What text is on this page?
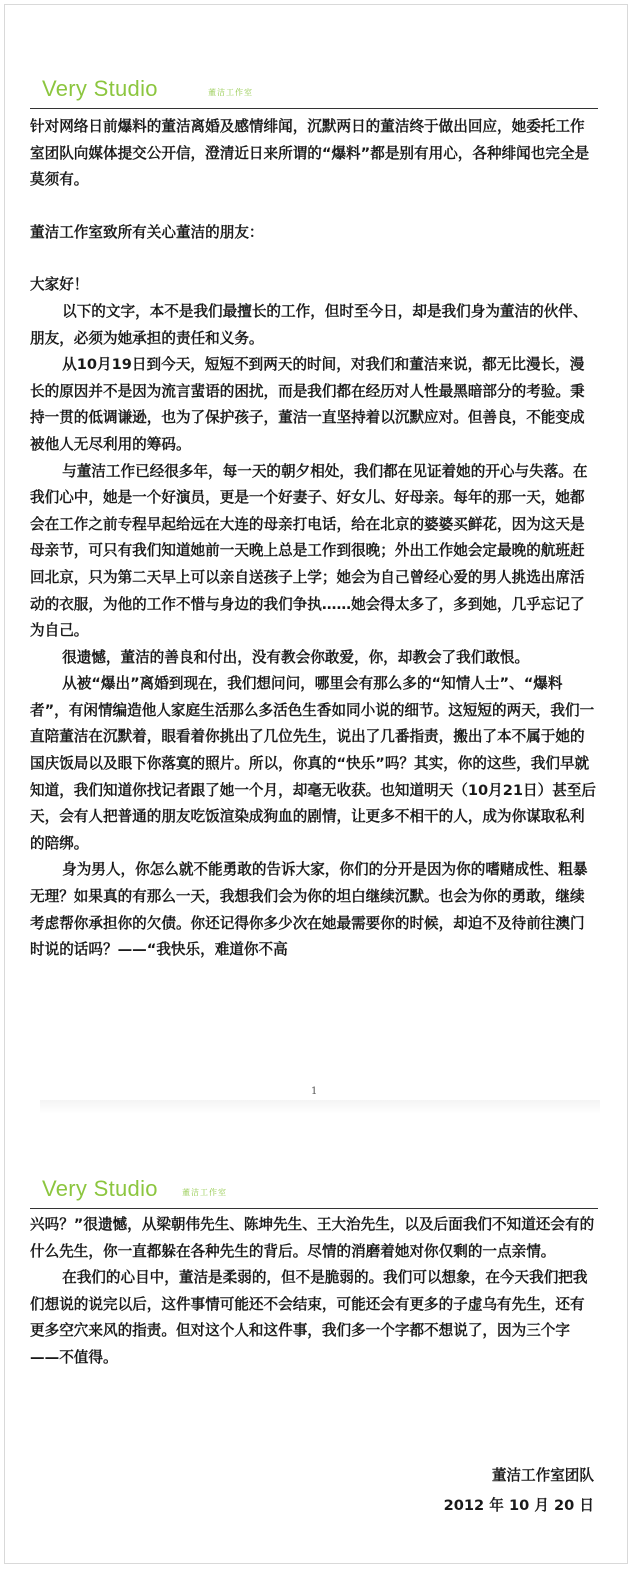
Very Studio	董洁工作室

针对网络日前爆料的董洁离婚及感情绯闻，沉默两日的董洁终于做出回应，她委托工作室团队向媒体提交公开信，澄清近日来所谓的“爆料”都是别有用心，各种绯闻也完全是莫须有。

董洁工作室致所有关心董洁的朋友：

大家好！

以下的文字，本不是我们最擅长的工作，但时至今日，却是我们身为董洁的伙伴、朋友，必须为她承担的责任和义务。

从10月19日到今天，短短不到两天的时间，对我们和董洁来说，都无比漫长，漫长的原因并不是因为流言蜚语的困扰，而是我们都在经历对人性最黑暗部分的考验。秉持一贯的低调谦逊，也为了保护孩子，董洁一直坚持着以沉默应对。但善良，不能变成被他人无尽利用的筹码。

与董洁工作已经很多年，每一天的朝夕相处，我们都在见证着她的开心与失落。在我们心中，她是一个好演员，更是一个好妻子、好女儿、好母亲。每年的那一天，她都会在工作之前专程早起给远在大连的母亲打电话，给在北京的婆婆买鲜花，因为这天是母亲节，可只有我们知道她前一天晚上总是工作到很晚；外出工作她会定最晚的航班赶回北京，只为第二天早上可以亲自送孩子上学；她会为自己曾经心爱的男人挑选出席活动的衣服，为他的工作不惜与身边的我们争执……她会得太多了，多到她，几乎忘记了为自己。

很遗憾，董洁的善良和付出，没有教会你敢爱，你，却教会了我们敢恨。

从被“爆出”离婚到现在，我们想问问，哪里会有那么多的“知情人士”、“爆料者”，有闲情编造他人家庭生活那么多活色生香如同小说的细节。这短短的两天，我们一直陪董洁在沉默着，眼看着你挑出了几位先生，说出了几番指责，搬出了本不属于她的国庆饭局以及眼下你落寞的照片。所以，你真的“快乐”吗？其实，你的这些，我们早就知道，我们知道你找记者跟了她一个月，却毫无收获。也知道明天（10月21日）甚至后天，会有人把普通的朋友吃饭渲染成狗血的剧情，让更多不相干的人，成为你谋取私利的陪绑。

身为男人，你怎么就不能勇敢的告诉大家，你们的分开是因为你的嗜赌成性、粗暴无理？如果真的有那么一天，我想我们会为你的坦白继续沉默。也会为你的勇敢，继续考虑帮你承担你的欠债。你还记得你多少次在她最需要你的时候，却迫不及待前往澳门时说的话吗？——“我快乐，难道你不高

1
Very Studio	董洁工作室

兴吗？”很遗憾，从梁朝伟先生、陈坤先生、王大治先生，以及后面我们不知道还会有的什么先生，你一直都躲在各种先生的背后。尽情的消磨着她对你仅剩的一点亲情。

在我们的心目中，董洁是柔弱的，但不是脆弱的。我们可以想象，在今天我们把我们想说的说完以后，这件事情可能还不会结束，可能还会有更多的子虚乌有先生，还有更多空穴来风的指责。但对这个人和这件事，我们多一个字都不想说了，因为三个字——不值得。

董洁工作室团队
2012 年 10 月 20 日
